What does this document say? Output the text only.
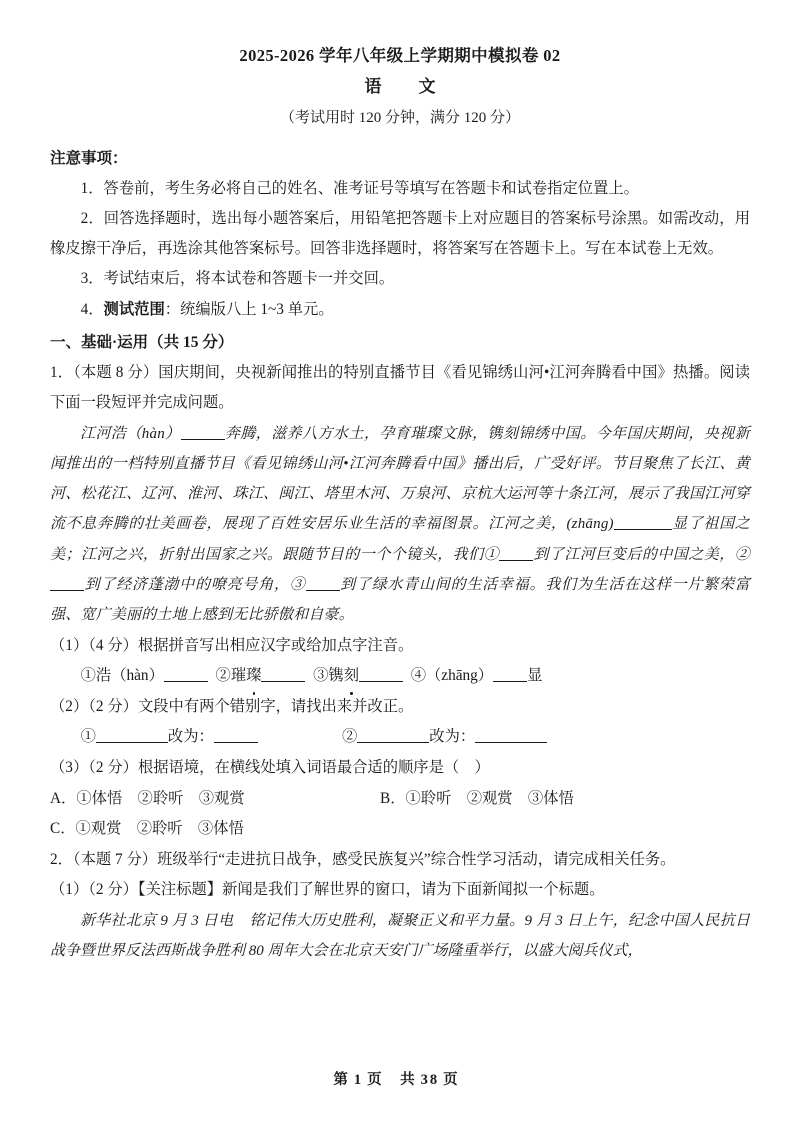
2025-2026 学年八年级上学期期中模拟卷 02
语　文
（考试用时 120 分钟，满分 120 分）
注意事项：

1．答卷前，考生务必将自己的姓名、准考证号等填写在答题卡和试卷指定位置上。

2．回答选择题时，选出每小题答案后，用铅笔把答题卡上对应题目的答案标号涂黑。如需改动，用橡皮擦干净后，再选涂其他答案标号。回答非选择题时，将答案写在答题卡上。写在本试卷上无效。

3．考试结束后，将本试卷和答题卡一并交回。

4．测试范围：统编版八上 1~3 单元。

一、基础·运用（共 15 分）

1．（本题 8 分）国庆期间，央视新闻推出的特别直播节目《看见锦绣山河•江河奔腾看中国》热播。阅读下面一段短评并完成问题。

江河浩（hàn）	奔腾，滋养八方水土，孕育璀璨文脉，镌刻锦绣中国。今年国庆期间，央视新闻推出的一档特别直播节目《看见锦绣山河•江河奔腾看中国》播出后，广受好评。节目聚焦了长江、黄河、松花江、辽河、淮河、珠江、闽江、塔里木河、万泉河、京杭大运河等十条江河，展示了我国江河穿流不息奔腾的壮美画卷，展现了百姓安居乐业生活的幸福图景。江河之美，(zhāng)	显了祖国之美；江河之兴，折射出国家之兴。跟随节目的一个个镜头，我们① 到了江河巨变后的中国之美，②到了经济蓬渤中的嘹亮号角，③ 到了绿水青山间的生活幸福。我们为生活在这样一片繁荣富强、宽广美丽的土地上感到无比骄傲和自豪。

（1）（4 分）根据拼音写出相应汉字或给加点字注音。

①浩（hàn）	②璀璨	③镌刻	④（zhāng） 显

（2）（2 分）文段中有两个错别字，请找出来并改正。

①	改为：	②	改为：

（3）（2 分）根据语境，在横线处填入词语最合适的顺序是（　）

A．①体悟　②聆听　③观赏	B．①聆听　②观赏　③体悟
C．①观赏　②聆听　③体悟

2．（本题 7 分）班级举行“走进抗日战争，感受民族复兴”综合性学习活动，请完成相关任务。

（1）（2 分）【关注标题】新闻是我们了解世界的窗口，请为下面新闻拟一个标题。

新华社北京 9 月 3 日电 铭记伟大历史胜利，凝聚正义和平力量。9 月 3 日上午，纪念中国人民抗日战争暨世界反法西斯战争胜利 80 周年大会在北京天安门广场隆重举行，以盛大阅兵仪式，

第 1 页　共 38 页
